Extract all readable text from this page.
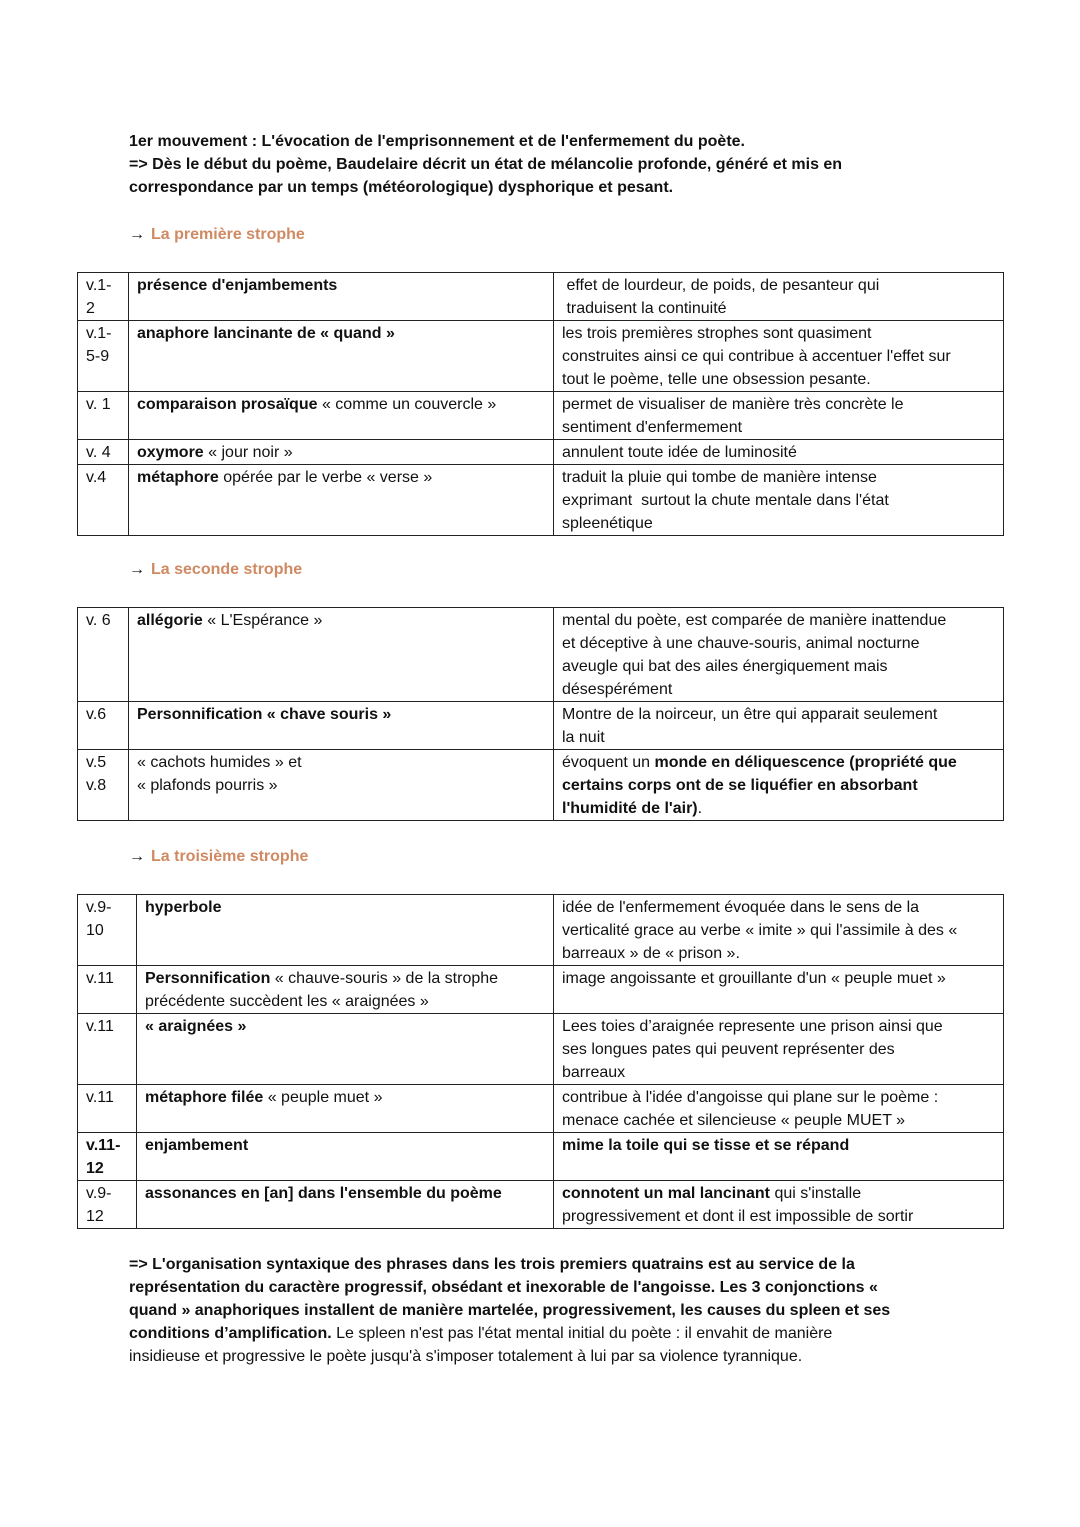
1er mouvement : L'évocation de l'emprisonnement et de l'enfermement du poète.
=> Dès le début du poème, Baudelaire décrit un état de mélancolie profonde, généré et mis en
correspondance par un temps (météorologique) dysphorique et pesant.
→ La première strophe
v.1-
2	présence d'enjambements	effet de lourdeur, de poids, de pesanteur qui
traduisent la continuité
v.1-
5-9	anaphore lancinante de « quand »	les trois premières strophes sont quasiment
construites ainsi ce qui contribue à accentuer l'effet sur
tout le poème, telle une obsession pesante.
v. 1	comparaison prosaïque « comme un couvercle »	permet de visualiser de manière très concrète le
sentiment d'enfermement
v. 4	oxymore « jour noir »	annulent toute idée de luminosité
v.4	métaphore opérée par le verbe « verse »	traduit la pluie qui tombe de manière intense
exprimant  surtout la chute mentale dans l'état
spleenétique
→ La seconde strophe
v. 6	allégorie « L'Espérance »	mental du poète, est comparée de manière inattendue
et déceptive à une chauve-souris, animal nocturne
aveugle qui bat des ailes énergiquement mais
désespérément
v.6	Personnification « chave souris »	Montre de la noirceur, un être qui apparait seulement
la nuit
v.5
v.8	« cachots humides » et
« plafonds pourris »	évoquent un monde en déliquescence (propriété que
certains corps ont de se liquéfier en absorbant
l'humidité de l'air).
→ La troisième strophe
v.9-
10	hyperbole	idée de l'enfermement évoquée dans le sens de la
verticalité grace au verbe « imite » qui l'assimile à des «
barreaux » de « prison ».
v.11	Personnification « chauve-souris » de la strophe
précédente succèdent les « araignées »	image angoissante et grouillante d'un « peuple muet »
v.11	« araignées »	Lees toies d’araignée represente une prison ainsi que
ses longues pates qui peuvent représenter des
barreaux
v.11	métaphore filée « peuple muet »	contribue à l'idée d'angoisse qui plane sur le poème :
menace cachée et silencieuse « peuple MUET »
v.11-
12	enjambement	mime la toile qui se tisse et se répand
v.9-
12	assonances en [an] dans l'ensemble du poème	connotent un mal lancinant qui s'installe
progressivement et dont il est impossible de sortir
=> L'organisation syntaxique des phrases dans les trois premiers quatrains est au service de la
représentation du caractère progressif, obsédant et inexorable de l'angoisse. Les 3 conjonctions «
quand » anaphoriques installent de manière martelée, progressivement, les causes du spleen et ses
conditions d’amplification. Le spleen n'est pas l'état mental initial du poète : il envahit de manière
insidieuse et progressive le poète jusqu'à s'imposer totalement à lui par sa violence tyrannique.
